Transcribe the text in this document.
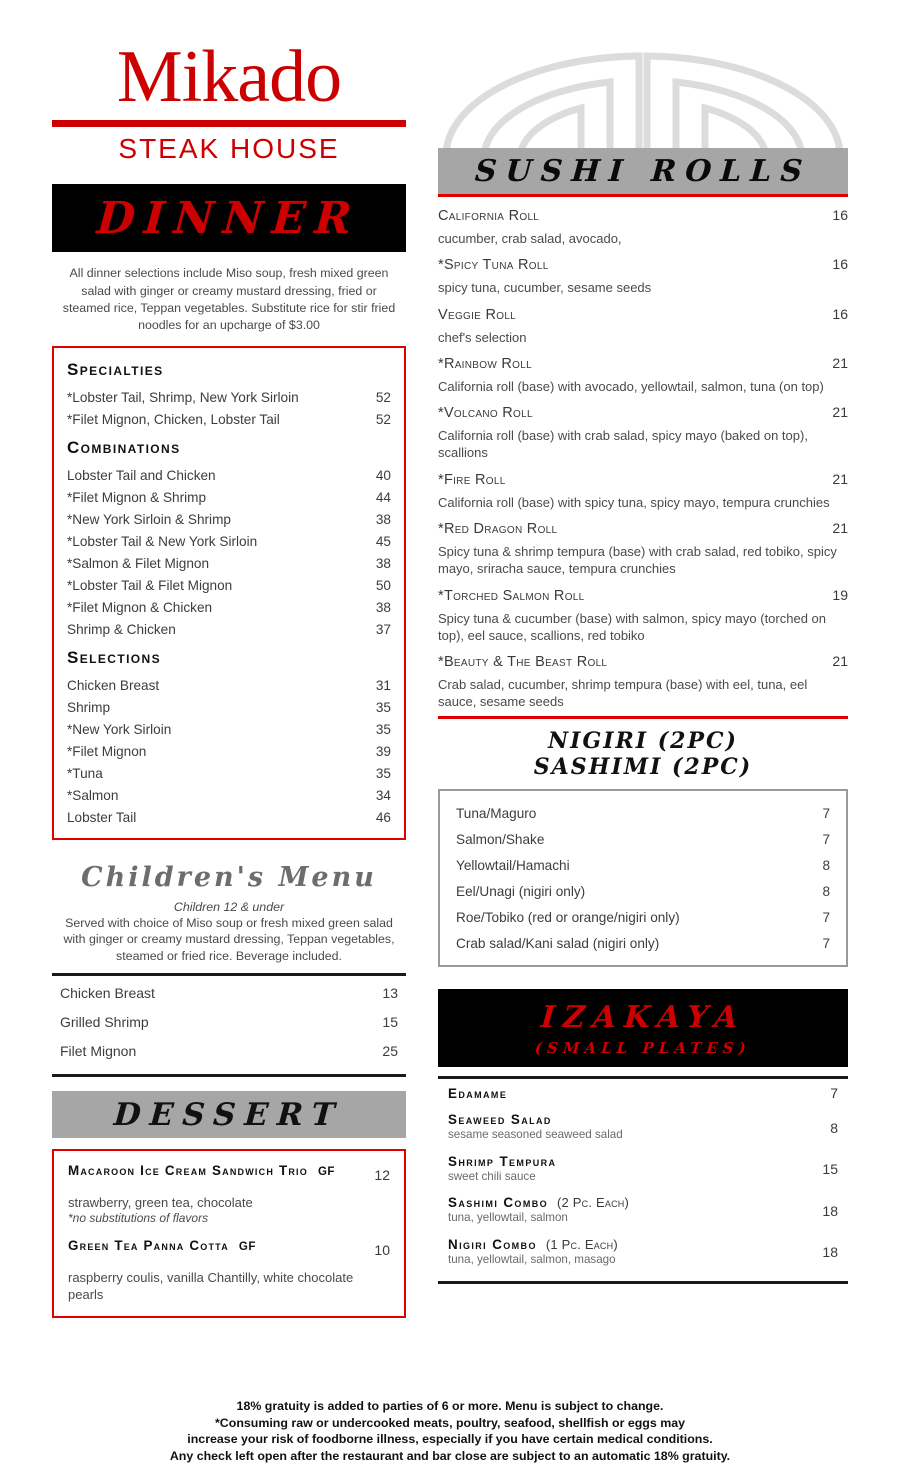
Mikado
STEAK HOUSE
DINNER
All dinner selections include Miso soup, fresh mixed green salad with ginger or creamy mustard dressing, fried or steamed rice, Teppan vegetables. Substitute rice for stir fried noodles for an upcharge of $3.00
Specialties
*Lobster Tail, Shrimp, New York Sirloin	52
*Filet Mignon, Chicken, Lobster Tail	52
Combinations
Lobster Tail and Chicken	40
*Filet Mignon & Shrimp	44
*New York Sirloin & Shrimp	38
*Lobster Tail & New York Sirloin	45
*Salmon & Filet Mignon	38
*Lobster Tail & Filet Mignon	50
*Filet Mignon & Chicken	38
Shrimp & Chicken	37
Selections
Chicken Breast	31
Shrimp	35
*New York Sirloin	35
*Filet Mignon	39
*Tuna	35
*Salmon	34
Lobster Tail	46
Children's Menu
Children 12 & under
Served with choice of Miso soup or fresh mixed green salad with ginger or creamy mustard dressing, Teppan vegetables, steamed or fried rice. Beverage included.
Chicken Breast	13
Grilled Shrimp	15
Filet Mignon	25
DESSERT
Macaroon Ice Cream Sandwich Trio GF	12
strawberry, green tea, chocolate
*no substitutions of flavors
Green Tea Panna Cotta GF	10
raspberry coulis, vanilla Chantilly, white chocolate pearls
SUSHI ROLLS
California Roll	16
cucumber, crab salad, avocado,
*Spicy Tuna Roll	16
spicy tuna, cucumber, sesame seeds
Veggie Roll	16
chef's selection
*Rainbow Roll	21
California roll (base) with avocado, yellowtail, salmon, tuna (on top)
*Volcano Roll	21
California roll (base) with crab salad, spicy mayo (baked on top), scallions
*Fire Roll	21
California roll (base) with spicy tuna, spicy mayo, tempura crunchies
*Red Dragon Roll	21
Spicy tuna & shrimp tempura (base) with crab salad, red tobiko, spicy mayo, sriracha sauce, tempura crunchies
*Torched Salmon Roll	19
Spicy tuna & cucumber (base) with salmon, spicy mayo (torched on top), eel sauce, scallions, red tobiko
*Beauty & The Beast Roll	21
Crab salad, cucumber, shrimp tempura (base) with eel, tuna, eel sauce, sesame seeds
NIGIRI (2PC)
SASHIMI (2PC)
Tuna/Maguro	7
Salmon/Shake	7
Yellowtail/Hamachi	8
Eel/Unagi (nigiri only)	8
Roe/Tobiko (red or orange/nigiri only)	7
Crab salad/Kani salad (nigiri only)	7
IZAKAYA
(SMALL PLATES)
Edamame	7
Seaweed Salad
sesame seasoned seaweed salad	8
Shrimp Tempura
sweet chili sauce	15
Sashimi Combo (2 Pc. Each)
tuna, yellowtail, salmon	18
Nigiri Combo (1 Pc. Each)
tuna, yellowtail, salmon, masago	18
18% gratuity is added to parties of 6 or more. Menu is subject to change.
*Consuming raw or undercooked meats, poultry, seafood, shellfish or eggs may
increase your risk of foodborne illness, especially if you have certain medical conditions.
Any check left open after the restaurant and bar close are subject to an automatic 18% gratuity.
